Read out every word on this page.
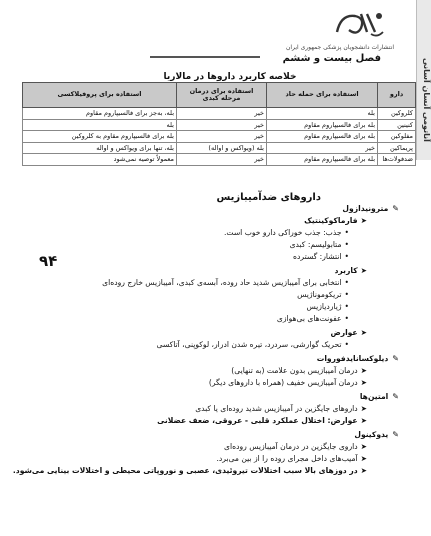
آناتومی آنسان آسانی
انتشارات دانشجویان پزشکی جمهوری ایران
فصل بیست و ششم
۹۴
خلاصه کاربرد داروها در مالاریا
دارو	استفاده برای حمله حاد	استفاده برای درمان مرحله کبدی	استفاده برای پروفیلاکسی
کلروکین	بله	خیر	بله، به‌جز برای فالسیپاروم مقاوم
کنینین	بله برای فالسیپاروم مقاوم	خیر	بله
مفلوکین	بله برای فالسیپاروم مقاوم	خیر	بله برای فالسیپاروم مقاوم به کلروکین
پریماکین	خیر	بله (ویواکس و اواله)	بله، تنها برای ویواکس و اواله
ضدفولات‌ها	بله برای فالسیپاروم مقاوم	خیر	معمولاً توصیه نمی‌شود
داروهای ضدآمیبازیس
✎مترونیدازول
➤فارماکوکینتیک
•جذب: جذب خوراکی دارو خوب است.
•متابولیسم: کبدی
•انتشار: گسترده
➤کاربرد
•انتخابی برای آمیبازیس شدید حاد روده، آبسه‌ی کبدی، آمیبازیس خارج روده‌ای
•تریکوموناژیس
•ژیاردیازیس
•عفونت‌های بی‌هوازی
➤عوارض
•تحریک گوارشی، سردرد، تیره شدن ادرار، لوکوپنی، آتاکسی
✎دیلوکسانایدفوروات
➤درمان آمیبازیس بدون علامت (به تنهایی)
➤درمان آمیبازیس خفیف (همراه با داروهای دیگر)
✎امتین‌ها
➤داروهای جایگزین در آمیبازیس شدید روده‌ای یا کبدی
➤عوارض: اختلال عملکرد قلبی - عروقی، ضعف عضلانی
✎یدوکینول
➤داروی جایگزین در درمان آمیبازیس روده‌ای
➤آمیب‌های داخل مجرای روده را از بین می‌برد.
➤در دوزهای بالا سبب اختلالات تیروئیدی، عصبی و نوروپاتی محیطی و اختلالات بینایی می‌شود.
